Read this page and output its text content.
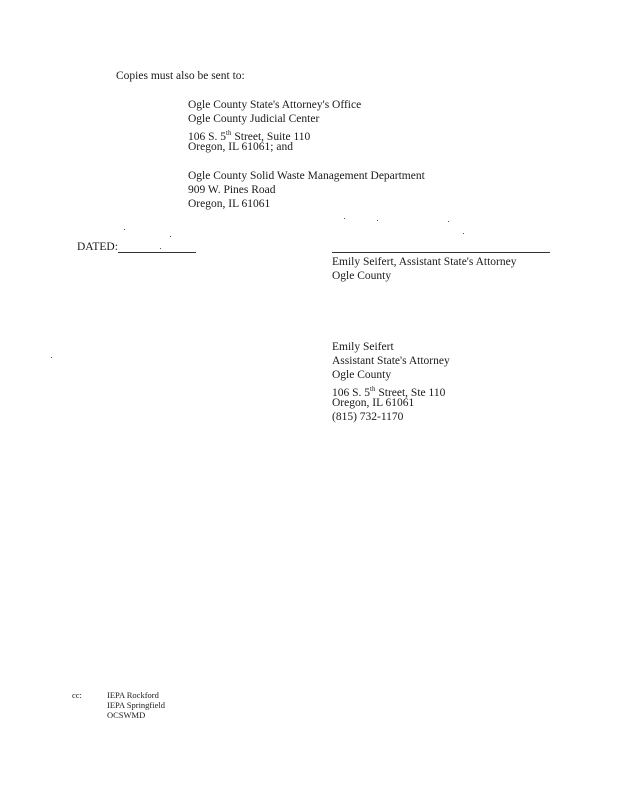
Copies must also be sent to:
Ogle County State's Attorney's Office
Ogle County Judicial Center
106 S. 5th Street, Suite 110
Oregon, IL 61061; and
Ogle County Solid Waste Management Department
909 W. Pines Road
Oregon, IL 61061
DATED:
Emily Seifert, Assistant State's Attorney
Ogle County
Emily Seifert
Assistant State's Attorney
Ogle County
106 S. 5th Street, Ste 110
Oregon, IL 61061
(815) 732-1170
cc:	IEPA Rockford
IEPA Springfield
OCSWMD
